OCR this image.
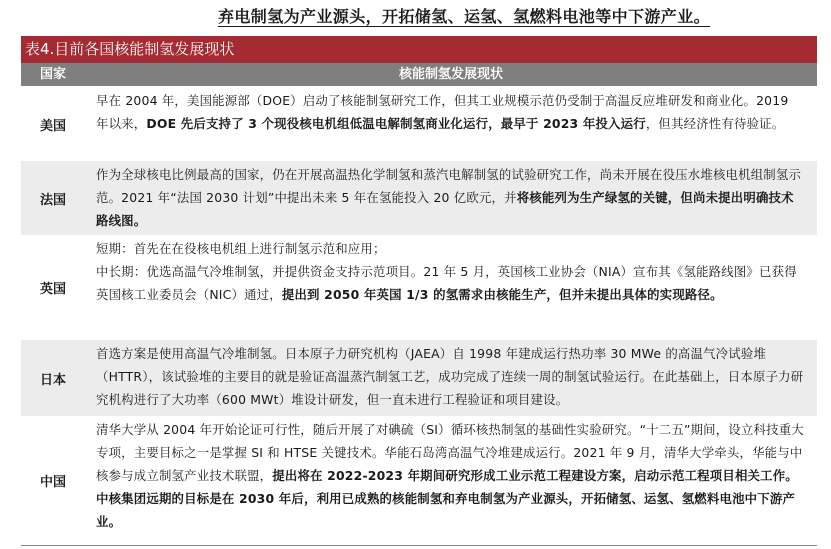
弃电制氢为产业源头，开拓储氢、运氢、氢燃料电池等中下游产业。
表4.目前各国核能制氢发展现状
国家	核能制氢发展现状
美国

早在 2004 年，美国能源部（DOE）启动了核能制氢研究工作，但其工业规模示范仍受制于高温反应堆研发和商业化。2019 年以来，DOE 先后支持了 3 个现役核电机组低温电解制氢商业化运行，最早于 2023 年投入运行，但其经济性有待验证。

法国

作为全球核电比例最高的国家，仍在开展高温热化学制氢和蒸汽电解制氢的试验研究工作，尚未开展在役压水堆核电机组制氢示范。2021 年“法国 2030 计划”中提出未来 5 年在氢能投入 20 亿欧元，并将核能列为生产绿氢的关键，但尚未提出明确技术路线图。

英国

短期：首先在在役核电机组上进行制氢示范和应用；

中长期：优选高温气冷堆制氢，并提供资金支持示范项目。21 年 5 月，英国核工业协会（NIA）宣布其《氢能路线图》已获得英国核工业委员会（NIC）通过，提出到 2050 年英国 1/3 的氢需求由核能生产，但并未提出具体的实现路径。

日本

首选方案是使用高温气冷堆制氢。日本原子力研究机构（JAEA）自 1998 年建成运行热功率 30 MWe 的高温气冷试验堆（HTTR），该试验堆的主要目的就是验证高温蒸汽制氢工艺，成功完成了连续一周的制氢试验运行。在此基础上，日本原子力研究机构进行了大功率（600 MWt）堆设计研发，但一直未进行工程验证和项目建设。

中国

清华大学从 2004 年开始论证可行性，随后开展了对碘硫（SI）循环核热制氢的基础性实验研究。“十二五”期间，设立科技重大专项，主要目标之一是掌握 SI 和 HTSE 关键技术。华能石岛湾高温气冷堆建成运行。2021 年 9 月，清华大学牵头，华能与中核参与成立制氢产业技术联盟，提出将在 2022-2023 年期间研究形成工业示范工程建设方案，启动示范工程项目相关工作。中核集团远期的目标是在 2030 年后，利用已成熟的核能制氢和弃电制氢为产业源头，开拓储氢、运氢、氢燃料电池中下游产业。
